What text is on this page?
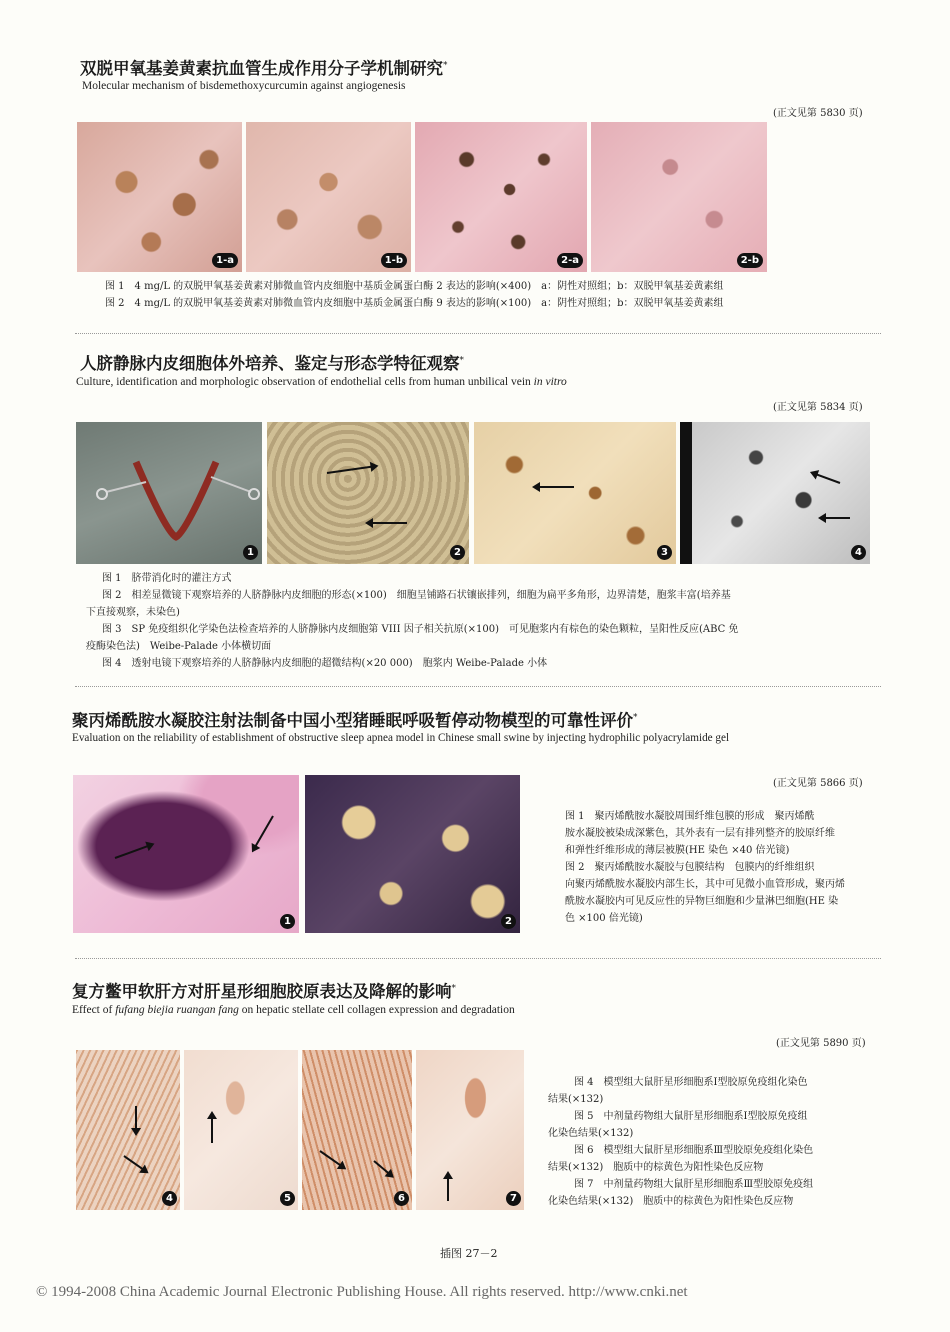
双脱甲氧基姜黄素抗血管生成作用分子学机制研究*
Molecular mechanism of bisdemethoxycurcumin against angiogenesis
(正文见第 5830 页)
1-a	1-b	2-a	2-b
图 1　4 mg/L 的双脱甲氧基姜黄素对肺微血管内皮细胞中基质金属蛋白酶 2 表达的影响(×400)　a：阴性对照组；b：双脱甲氧基姜黄素组
图 2　4 mg/L 的双脱甲氧基姜黄素对肺微血管内皮细胞中基质金属蛋白酶 9 表达的影响(×100)　a：阴性对照组；b：双脱甲氧基姜黄素组
人脐静脉内皮细胞体外培养、鉴定与形态学特征观察*
Culture, identification and morphologic observation of endothelial cells from human unbilical vein in vitro
(正文见第 5834 页)
1	2	3	4
图 1　脐带消化时的灌注方式
图 2　相差显微镜下观察培养的人脐静脉内皮细胞的形态(×100)　细胞呈铺路石状镶嵌排列，细胞为扁平多角形，边界清楚，胞浆丰富(培养基
下直接观察，未染色)
图 3　SP 免疫组织化学染色法检查培养的人脐静脉内皮细胞第 VIII 因子相关抗原(×100)　可见胞浆内有棕色的染色颗粒，呈阳性反应(ABC 免
疫酶染色法)　Weibe-Palade 小体横切面
图 4　透射电镜下观察培养的人脐静脉内皮细胞的超微结构(×20 000)　胞浆内 Weibe-Palade 小体
聚丙烯酰胺水凝胶注射法制备中国小型猪睡眠呼吸暂停动物模型的可靠性评价*
Evaluation on the reliability of establishment of obstructive sleep apnea model in Chinese small swine by injecting hydrophilic polyacrylamide gel
(正文见第 5866 页)
1	2
图 1　聚丙烯酰胺水凝胶周围纤维包膜的形成　聚丙烯酰
胺水凝胶被染成深紫色，其外表有一层有排列整齐的胶原纤维
和弹性纤维形成的薄层被膜(HE 染色 ×40 倍光镜)
图 2　聚丙烯酰胺水凝胶与包膜结构　包膜内的纤维组织
向聚丙烯酰胺水凝胶内部生长，其中可见微小血管形成，聚丙烯
酰胺水凝胶内可见反应性的异物巨细胞和少量淋巴细胞(HE 染
色 ×100 倍光镜)
复方鳖甲软肝方对肝星形细胞胶原表达及降解的影响*
Effect of fufang biejia ruangan fang on hepatic stellate cell collagen expression and degradation
(正文见第 5890 页)
4	5	6	7
图 4　模型组大鼠肝星形细胞系Ⅰ型胶原免疫组化染色
结果(×132)
图 5　中剂量药物组大鼠肝星形细胞系Ⅰ型胶原免疫组
化染色结果(×132)
图 6　模型组大鼠肝星形细胞系Ⅲ型胶原免疫组化染色
结果(×132)　胞质中的棕黄色为阳性染色反应物
图 7　中剂量药物组大鼠肝星形细胞系Ⅲ型胶原免疫组
化染色结果(×132)　胞质中的棕黄色为阳性染色反应物
插图 27－2
© 1994-2008 China Academic Journal Electronic Publishing House. All rights reserved. http://www.cnki.net
